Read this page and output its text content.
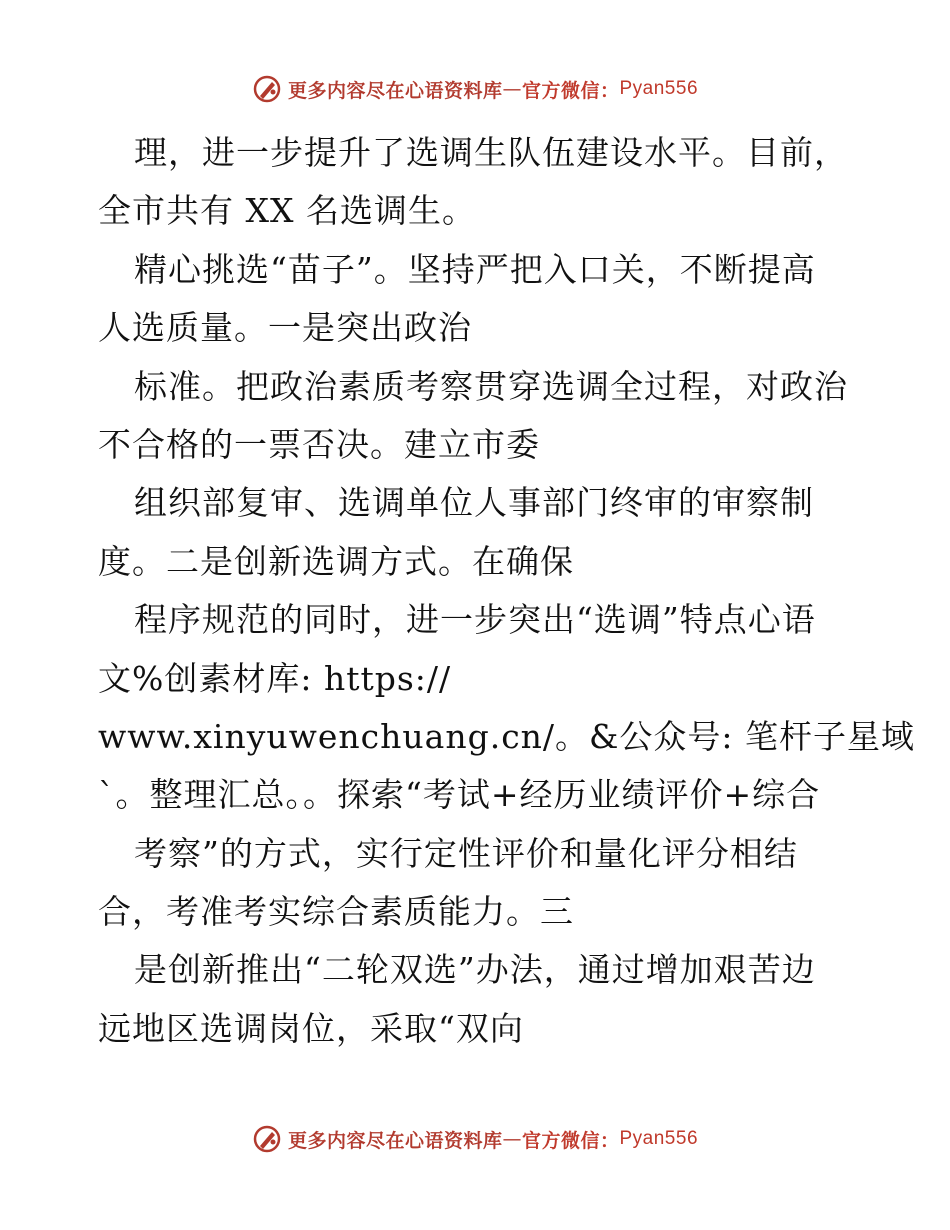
更多内容尽在心语资料库 — 官方微信： Pyan556
理，进一步提升了选调生队伍建设水平。目前，
全市共有 XX 名选调生。
精心挑选“苗子”。坚持严把入口关，不断提高
人选质量。一是突出政治
标准。把政治素质考察贯穿选调全过程，对政治
不合格的一票否决。建立市委
组织部复审、选调单位人事部门终审的审察制
度。二是创新选调方式。在确保
程序规范的同时，进一步突出“选调”特点心语
文%创素材库: https://
www.xinyuwenchuang.cn/。&公众号: 笔杆子星域
`。整理汇总。。探索“考试+经历业绩评价+综合
考察”的方式，实行定性评价和量化评分相结
合，考准考实综合素质能力。三
是创新推出“二轮双选”办法，通过增加艰苦边
远地区选调岗位，采取“双向
更多内容尽在心语资料库 — 官方微信： Pyan556
